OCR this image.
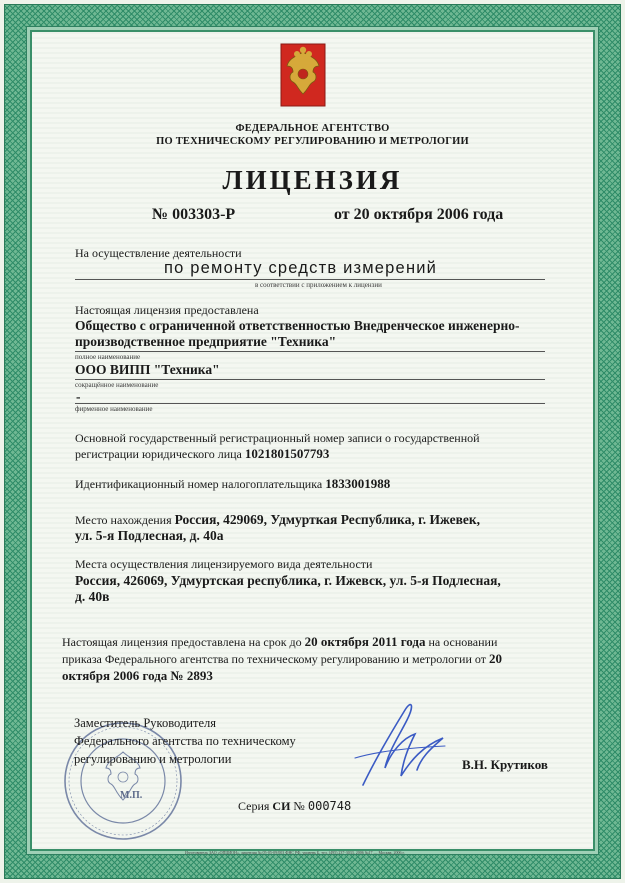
ФЕДЕРАЛЬНОЕ АГЕНТСТВО
ПО ТЕХНИЧЕСКОМУ РЕГУЛИРОВАНИЮ И МЕТРОЛОГИИ
ЛИЦЕНЗИЯ
№ 003303-Р	от 20 октября 2006 года
На осуществление деятельности
по ремонту средств измерений
в соответствии с приложением к лицензии
Настоящая лицензия предоставлена
Общество с ограниченной ответственностью Внедренческое инженерно-
производственное предприятие "Техника"
полное наименование
ООО ВИПП "Техника"
сокращённое наименование
-
фирменное наименование
Основной государственный регистрационный номер записи о государственной
регистрации юридического лица 1021801507793
Идентификационный номер налогоплательщика 1833001988
Место нахождения Россия, 429069, Удмурткая Республика, г. Ижевек,
ул. 5-я Подлесная, д. 40а
Места осуществления лицензируемого вида деятельности
Россия, 426069, Удмуртская республика, г. Ижевск, ул. 5-я Подлесная,
д. 40в
Настоящая лицензия предоставлена на срок до 20 октября 2011 года на основании
приказа Федерального агентства по техническому регулированию и метрологии от 20
октября 2006 года № 2893
М.П.
Заместитель Руководителя
Федерального агентства по техническому
регулированию и метрологии	В.Н. Крутиков
Серия СИ № 000748
Изготовитель ЗАО «ОПЦИОН», лицензия № 05-05-09/003 ФНС РФ, уровень Б, тел. (495) 237-3033, 2006 №17 — Москва, 2006 г.
